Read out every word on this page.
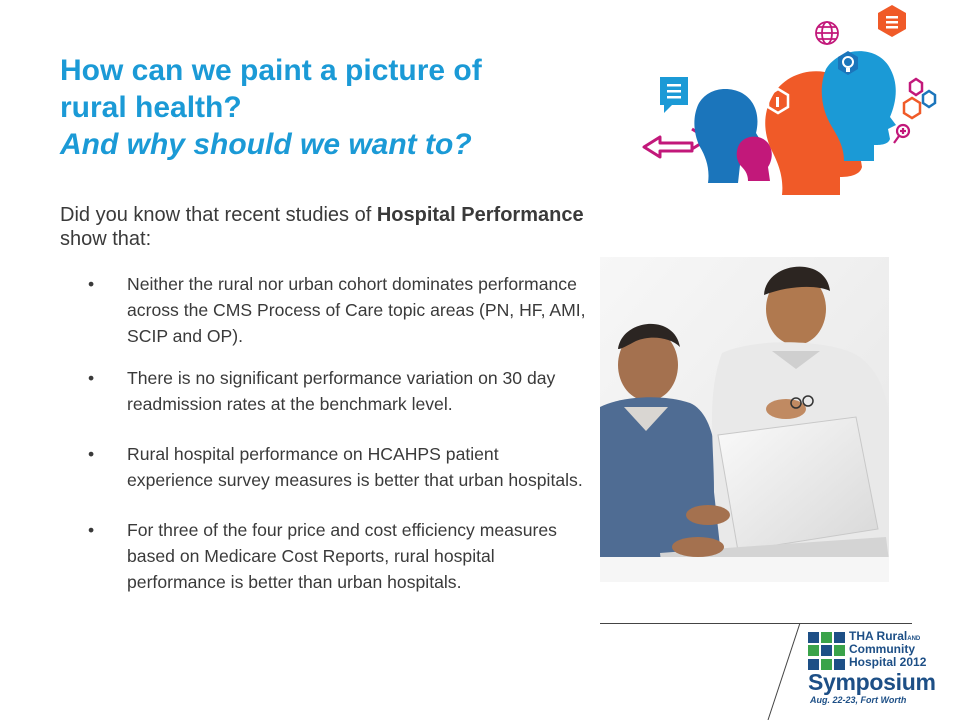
How can we paint a picture of
rural health?
And why should we want to?
Did you know that recent studies of Hospital Performance show that:
• Neither the rural nor urban cohort dominates performance across the CMS Process of Care topic areas (PN, HF, AMI, SCIP and OP).
• There is no significant performance variation on 30 day readmission rates at the benchmark level.
• Rural hospital performance on HCAHPS patient experience survey measures is better that urban hospitals.
• For three of the four price and cost efficiency measures based on Medicare Cost Reports, rural hospital performance is better than urban hospitals.
THA RuralAND
Community
Hospital 2012
Symposium
Aug. 22-23, Fort Worth
